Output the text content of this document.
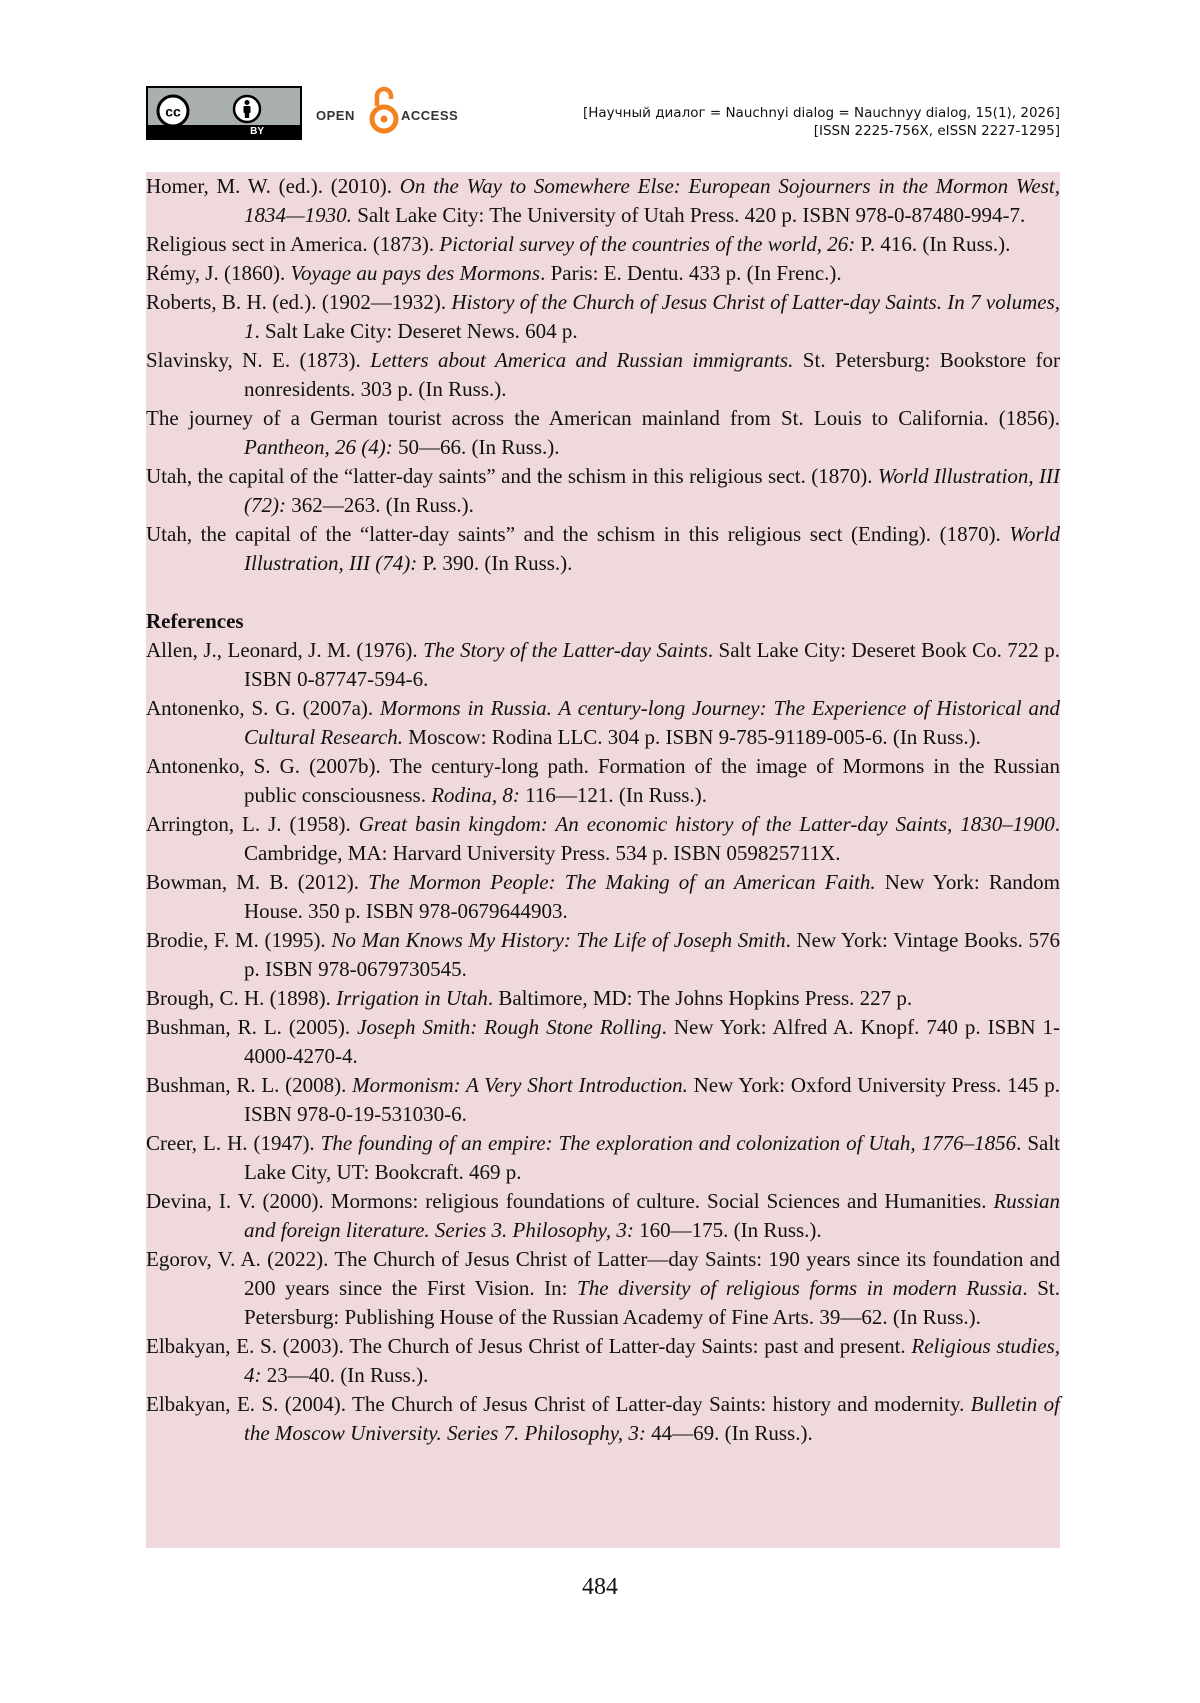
cc
BY
OPEN	ACCESS	[Научный диалог = Nauchnyi dialog = Nauchnyy dialog, 15(1), 2026]
[ISSN 2225-756X, eISSN 2227-1295]

Homer, M. W. (ed.). (2010). On the Way to Somewhere Else: European Sojourners in the Mormon West, 1834—1930. Salt Lake City: The University of Utah Press. 420 p. ISBN 978-0-87480-994-7.

Religious sect in America. (1873). Pictorial survey of the countries of the world, 26: P. 416. (In Russ.).

Rémy, J. (1860). Voyage au pays des Mormons. Paris: E. Dentu. 433 p. (In Frenc.).

Roberts, B. H. (ed.). (1902—1932). History of the Church of Jesus Christ of Latter-day Saints. In 7 volumes, 1. Salt Lake City: Deseret News. 604 p.

Slavinsky, N. E. (1873). Letters about America and Russian immigrants. St. Petersburg: Bookstore for nonresidents. 303 p. (In Russ.).

The journey of a German tourist across the American mainland from St. Louis to California. (1856). Pantheon, 26 (4): 50—66. (In Russ.).

Utah, the capital of the “latter-day saints” and the schism in this religious sect. (1870). World Illustration, III (72): 362—263. (In Russ.).

Utah, the capital of the “latter-day saints” and the schism in this religious sect (Ending). (1870). World Illustration, III (74): P. 390. (In Russ.).

References

Allen, J., Leonard, J. M. (1976). The Story of the Latter-day Saints. Salt Lake City: Deseret Book Co. 722 p. ISBN 0-87747-594-6.

Antonenko, S. G. (2007a). Mormons in Russia. A century-long Journey: The Experience of Historical and Cultural Research. Moscow: Rodina LLC. 304 p. ISBN 9-785-91189-005-6. (In Russ.).

Antonenko, S. G. (2007b). The century-long path. Formation of the image of Mormons in the Russian public consciousness. Rodina, 8: 116—121. (In Russ.).

Arrington, L. J. (1958). Great basin kingdom: An economic history of the Latter-day Saints, 1830–1900. Cambridge, MA: Harvard University Press. 534 p. ISBN 059825711X.

Bowman, M. B. (2012). The Mormon People: The Making of an American Faith. New York: Random House. 350 p. ISBN 978-0679644903.

Brodie, F. M. (1995). No Man Knows My History: The Life of Joseph Smith. New York: Vintage Books. 576 p. ISBN 978-0679730545.

Brough, C. H. (1898). Irrigation in Utah. Baltimore, MD: The Johns Hopkins Press. 227 p.

Bushman, R. L. (2005). Joseph Smith: Rough Stone Rolling. New York: Alfred A. Knopf. 740 p. ISBN 1-4000-4270-4.

Bushman, R. L. (2008). Mormonism: A Very Short Introduction. New York: Oxford University Press. 145 p. ISBN 978-0-19-531030-6.

Creer, L. H. (1947). The founding of an empire: The exploration and colonization of Utah, 1776–1856. Salt Lake City, UT: Bookcraft. 469 p.

Devina, I. V. (2000). Mormons: religious foundations of culture. Social Sciences and Humanities. Russian and foreign literature. Series 3. Philosophy, 3: 160—175. (In Russ.).

Egorov, V. A. (2022). The Church of Jesus Christ of Latter—day Saints: 190 years since its foundation and 200 years since the First Vision. In: The diversity of religious forms in modern Russia. St. Petersburg: Publishing House of the Russian Academy of Fine Arts. 39—62. (In Russ.).

Elbakyan, E. S. (2003). The Church of Jesus Christ of Latter-day Saints: past and present. Religious studies, 4: 23—40. (In Russ.).

Elbakyan, E. S. (2004). The Church of Jesus Christ of Latter-day Saints: history and modernity. Bulletin of the Moscow University. Series 7. Philosophy, 3: 44—69. (In Russ.).

484
